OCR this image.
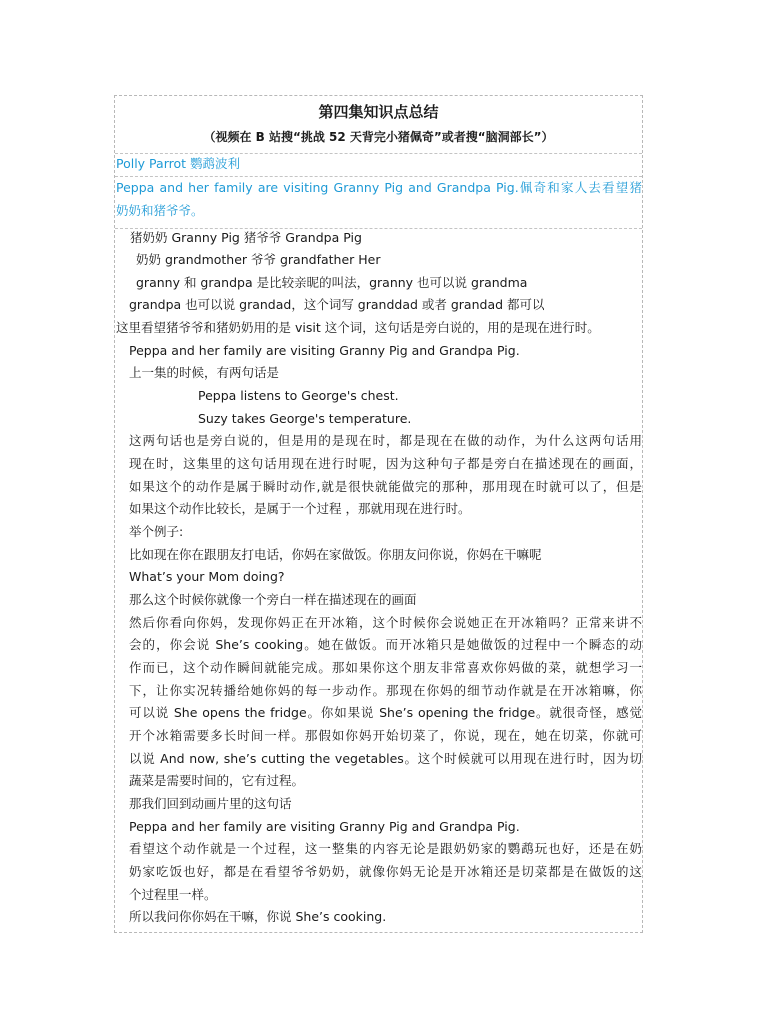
第四集知识点总结
（视频在 B 站搜“挑战 52 天背完小猪佩奇”或者搜“脑洞部长”）
Polly Parrot 鹦鹉波利
Peppa and her family are visiting Granny Pig and Grandpa Pig.佩奇和家人去看望猪
奶奶和猪爷爷。
猪奶奶 Granny Pig 猪爷爷 Grandpa Pig
奶奶 grandmother 爷爷 grandfather Her
granny 和 grandpa 是比较亲昵的叫法，granny 也可以说 grandma
grandpa 也可以说 grandad，这个词写 granddad 或者 grandad 都可以
这里看望猪爷爷和猪奶奶用的是 visit 这个词，这句话是旁白说的，用的是现在进行时。
Peppa and her family are visiting Granny Pig and Grandpa Pig.
上一集的时候，有两句话是
Peppa listens to George's chest.
Suzy takes George's temperature.
这两句话也是旁白说的，但是用的是现在时，都是现在在做的动作，为什么这两句话用
现在时，这集里的这句话用现在进行时呢，因为这种句子都是旁白在描述现在的画面，
如果这个的动作是属于瞬时动作,就是很快就能做完的那种，那用现在时就可以了，但是
如果这个动作比较长，是属于一个过程 ，那就用现在进行时。
举个例子:
比如现在你在跟朋友打电话，你妈在家做饭。你朋友问你说，你妈在干嘛呢
What’s your Mom doing?
那么这个时候你就像一个旁白一样在描述现在的画面
然后你看向你妈，发现你妈正在开冰箱，这个时候你会说她正在开冰箱吗？正常来讲不
会的，你会说 She’s cooking。她在做饭。而开冰箱只是她做饭的过程中一个瞬态的动
作而已，这个动作瞬间就能完成。那如果你这个朋友非常喜欢你妈做的菜，就想学习一
下，让你实况转播给她你妈的每一步动作。那现在你妈的细节动作就是在开冰箱嘛，你
可以说 She opens the fridge。你如果说 She’s opening the fridge。就很奇怪，感觉
开个冰箱需要多长时间一样。那假如你妈开始切菜了，你说，现在，她在切菜，你就可
以说 And now, she’s cutting the vegetables。这个时候就可以用现在进行时，因为切
蔬菜是需要时间的，它有过程。
那我们回到动画片里的这句话
Peppa and her family are visiting Granny Pig and Grandpa Pig.
看望这个动作就是一个过程，这一整集的内容无论是跟奶奶家的鹦鹉玩也好，还是在奶
奶家吃饭也好，都是在看望爷爷奶奶，就像你妈无论是开冰箱还是切菜都是在做饭的这
个过程里一样。
所以我问你你妈在干嘛，你说 She’s cooking.
